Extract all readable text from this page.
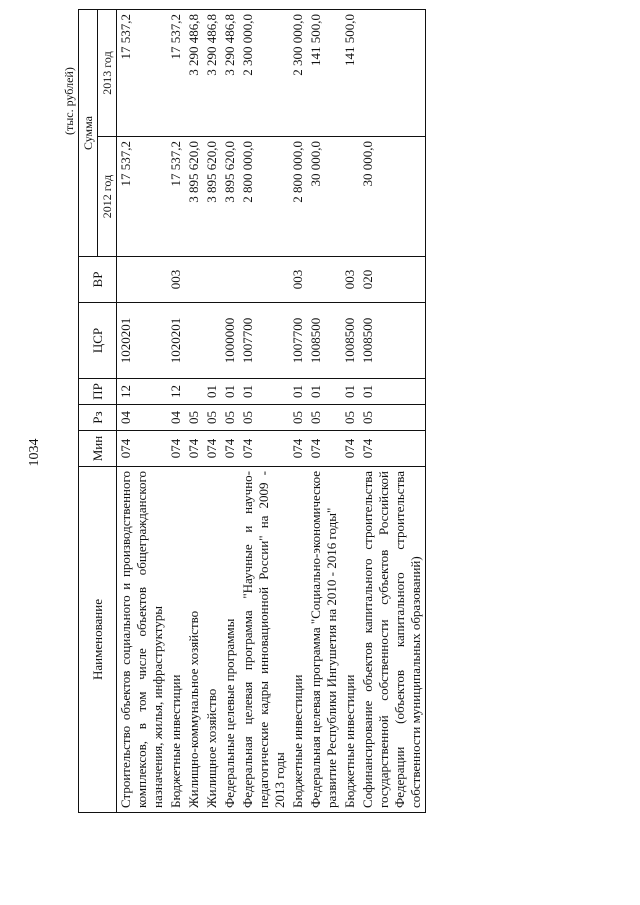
1034
(тыс. рублей)
Наименование	Мин	Рз	ПР	ЦСР	ВР	Сумма	
						2012 год	2013 год
Строительство объектов социального и производственного комплексов, в том числе объектов общегражданского назначения, жилья, инфраструктуры	074	04	12	1020201		17 537,2	17 537,2
Бюджетные инвестиции	074	04	12	1020201	003	17 537,2	17 537,2
Жилищно-коммунальное хозяйство	074	05				3 895 620,0	3 290 486,8
Жилищное хозяйство	074	05	01			3 895 620,0	3 290 486,8
Федеральные целевые программы	074	05	01	1000000		3 895 620,0	3 290 486,8
Федеральная целевая программа "Научные и научно-педагогические кадры инновационной России" на 2009 - 2013 годы	074	05	01	1007700		2 800 000,0	2 300 000,0
Бюджетные инвестиции	074	05	01	1007700	003	2 800 000,0	2 300 000,0
Федеральная целевая программа "Социально-экономическое развитие Республики Ингушетия на 2010 - 2016 годы"	074	05	01	1008500		30 000,0	141 500,0
Бюджетные инвестиции	074	05	01	1008500	003		141 500,0
Софинансирование объектов капитального строительства государственной собственности субъектов Российской Федерации (объектов капитального строительства собственности муниципальных образований)	074	05	01	1008500	020	30 000,0	
